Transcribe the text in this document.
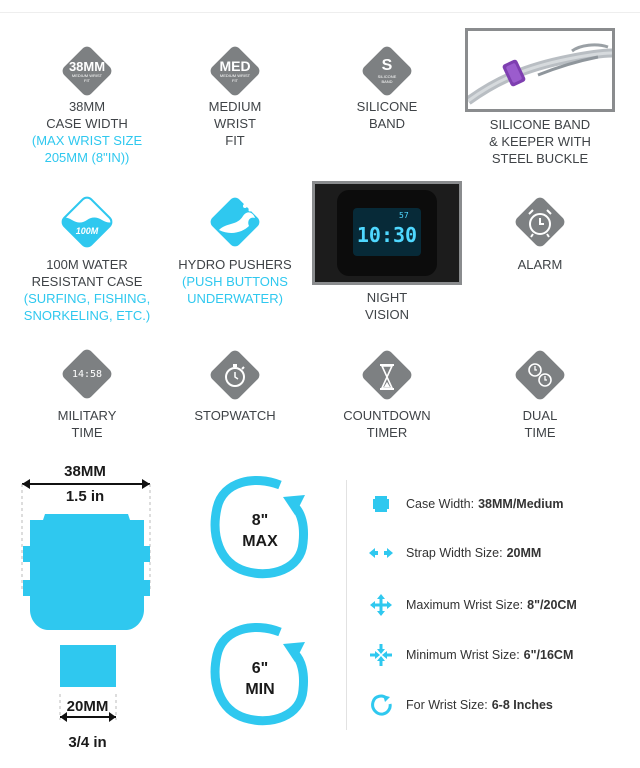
38MM
MEDIUM WRIST
FIT
38MM
CASE WIDTH
(MAX WRIST SIZE
205MM (8"IN))
MED
MEDIUM WRIST
FIT
MEDIUM
WRIST
FIT
S
SILICONE
BAND
SILICONE
BAND	SILICONE BAND
& KEEPER WITH
STEEL BUCKLE
100M
100M WATER
RESISTANT CASE
(SURFING, FISHING,
SNORKELING, ETC.)
HYDRO PUSHERS
(PUSH BUTTONS
UNDERWATER)
10:30
57
NIGHT
VISION
ALARM
14:58
MILITARY
TIME
STOPWATCH	COUNTDOWN
TIMER
DUAL
TIME
38MM
1.5 in
20MM
3/4 in
8"
MAX
6"
MIN
Case Width: 38MM/Medium
Strap Width Size: 20MM
Maximum Wrist Size: 8"/20CM
Minimum Wrist Size: 6"/16CM
For Wrist Size: 6-8 Inches
